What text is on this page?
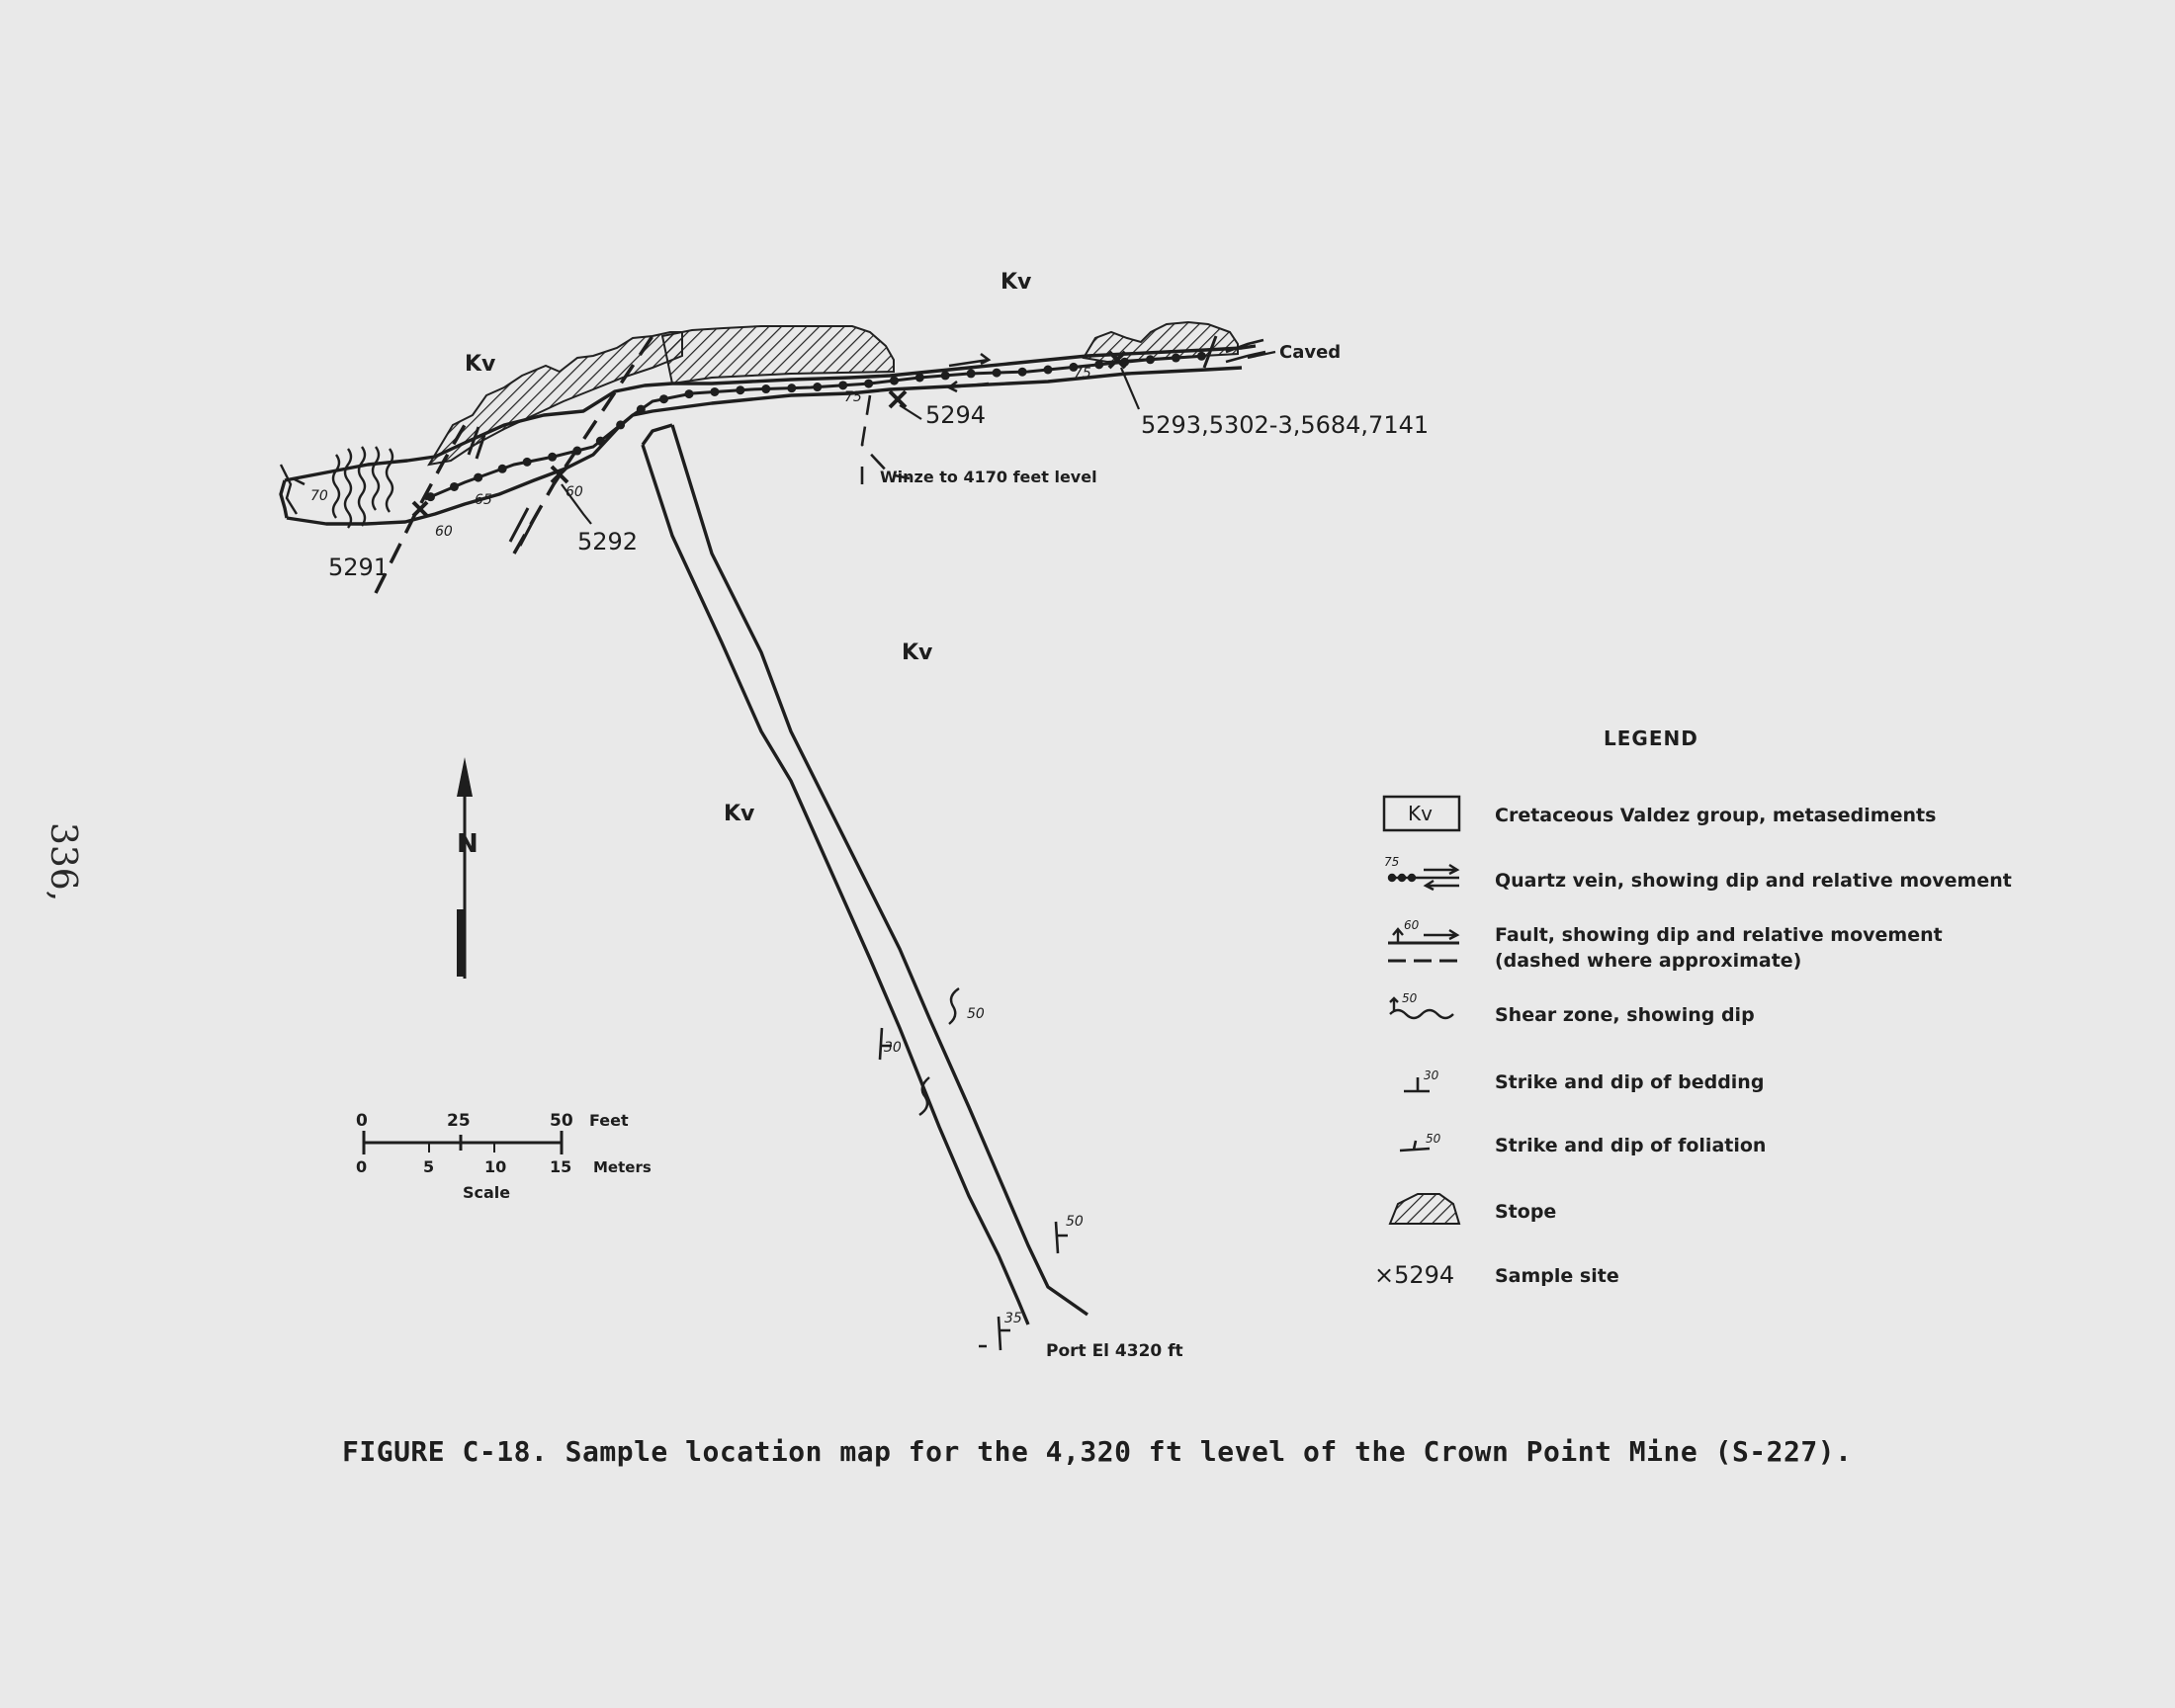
336,
Kv
Kv
Kv
Kv
Caved
Winze to 4170 feet level
Port El 4320 ft
5291
5292
5294	5293,5302-3,5684,7141
70
60
65	60
75
75
50
30
50
35
N
0	25	50 Feet
0	5	10	15 Meters
Scale
LEGEND
Kv	Cretaceous Valdez group, metasediments
75
Quartz vein, showing dip and relative movement
60	Fault, showing dip and relative movement
(dashed where approximate)
50
Shear zone, showing dip
30	Strike and dip of bedding
50	Strike and dip of foliation
Stope
×5294 Sample site
FIGURE C-18. Sample location map for the 4,320 ft level of the Crown Point Mine (S-227).
